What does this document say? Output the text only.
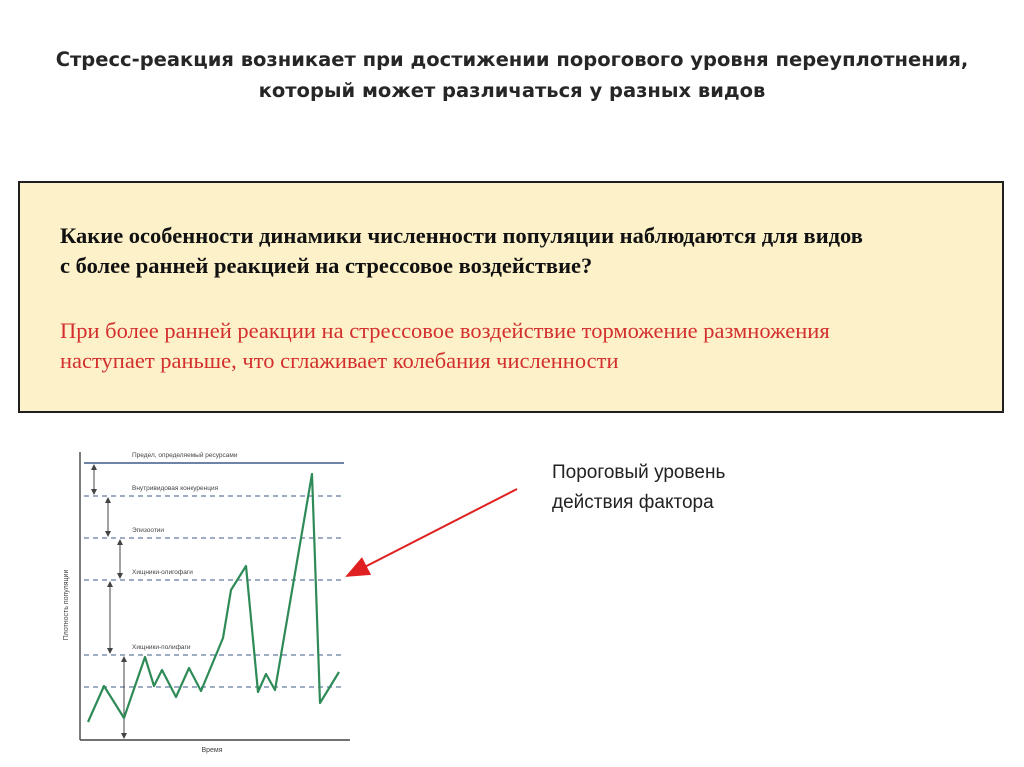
Стресс-реакция возникает при достижении порогового уровня переуплотнения,
который может различаться у разных видов
Какие особенности динамики численности популяции наблюдаются для видов
с более ранней реакцией на стрессовое воздействие?
При более ранней реакции на стрессовое воздействие торможение размножения
наступает раньше, что сглаживает колебания численности
Пороговый уровень
действия фактора
Плотность популяции
Время
Предел, определяемый ресурсами
Внутривидовая конкуренция
Эпизоотии
Хищники-олигофаги
Хищники-полифаги
